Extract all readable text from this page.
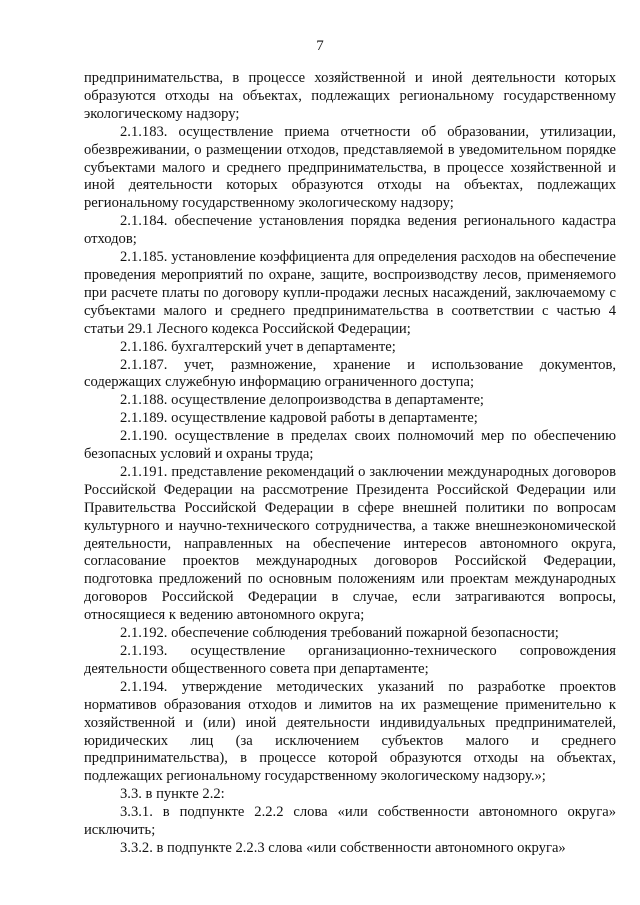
7

предпринимательства, в процессе хозяйственной и иной деятельности которых образуются отходы на объектах, подлежащих региональному государственному экологическому надзору;

2.1.183. осуществление приема отчетности об образовании, утилизации, обезвреживании, о размещении отходов, представляемой в уведомительном порядке субъектами малого и среднего предпринимательства, в процессе хозяйственной и иной деятельности которых образуются отходы на объектах, подлежащих региональному государственному экологическому надзору;

2.1.184. обеспечение установления порядка ведения регионального кадастра отходов;

2.1.185. установление коэффициента для определения расходов на обеспечение проведения мероприятий по охране, защите, воспроизводству лесов, применяемого при расчете платы по договору купли-продажи лесных насаждений, заключаемому с субъектами малого и среднего предпринимательства в соответствии с частью 4 статьи 29.1 Лесного кодекса Российской Федерации;

2.1.186. бухгалтерский учет в департаменте;

2.1.187. учет, размножение, хранение и использование документов, содержащих служебную информацию ограниченного доступа;

2.1.188. осуществление делопроизводства в департаменте;

2.1.189. осуществление кадровой работы в департаменте;

2.1.190. осуществление в пределах своих полномочий мер по обеспечению безопасных условий и охраны труда;

2.1.191. представление рекомендаций о заключении международных договоров Российской Федерации на рассмотрение Президента Российской Федерации или Правительства Российской Федерации в сфере внешней политики по вопросам культурного и научно-технического сотрудничества, а также внешнеэкономической деятельности, направленных на обеспечение интересов автономного округа, согласование проектов международных договоров Российской Федерации, подготовка предложений по основным положениям или проектам международных договоров Российской Федерации в случае, если затрагиваются вопросы, относящиеся к ведению автономного округа;

2.1.192. обеспечение соблюдения требований пожарной безопасности;

2.1.193. осуществление организационно-технического сопровождения деятельности общественного совета при департаменте;

2.1.194. утверждение методических указаний по разработке проектов нормативов образования отходов и лимитов на их размещение применительно к хозяйственной и (или) иной деятельности индивидуальных предпринимателей, юридических лиц (за исключением субъектов малого и среднего предпринимательства), в процессе которой образуются отходы на объектах, подлежащих региональному государственному экологическому надзору.»;

3.3. в пункте 2.2:

3.3.1. в подпункте 2.2.2 слова «или собственности автономного округа» исключить;

3.3.2. в подпункте 2.2.3 слова «или собственности автономного округа»
